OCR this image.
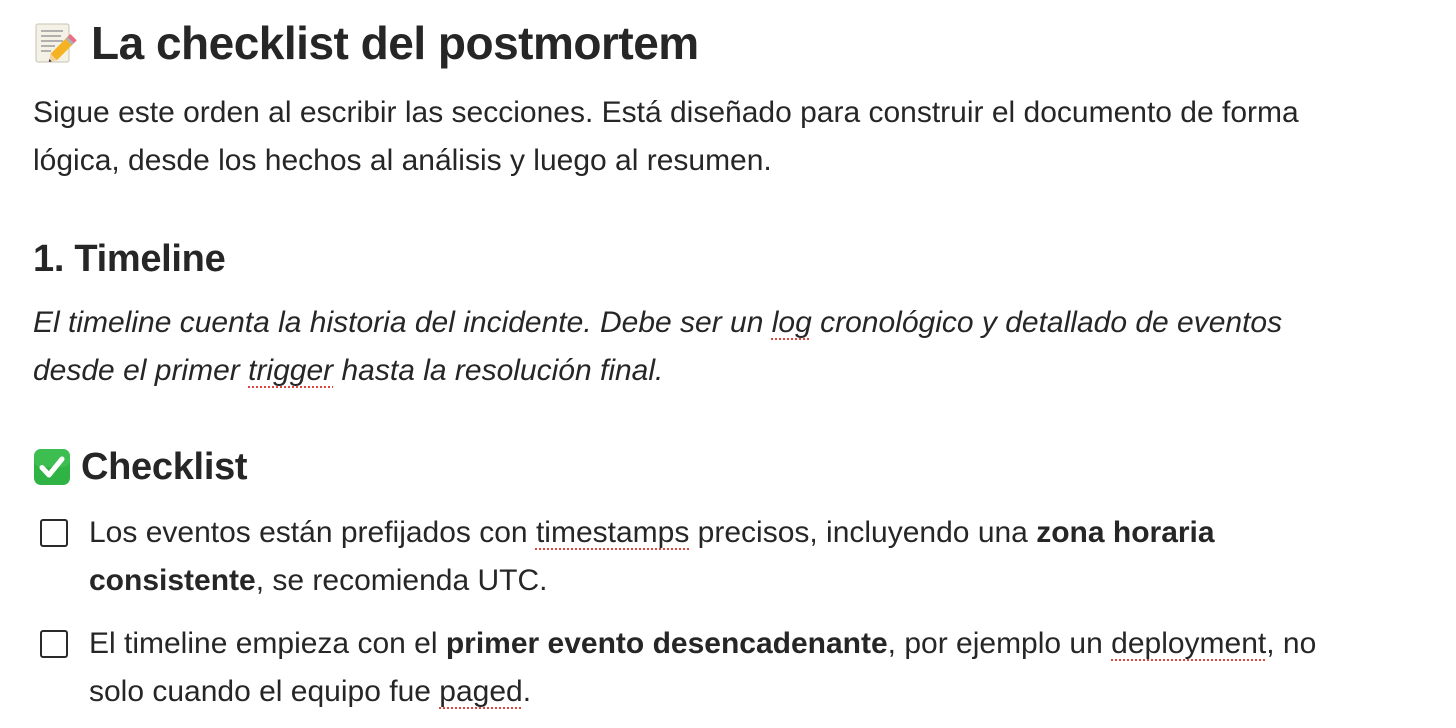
La checklist del postmortem
Sigue este orden al escribir las secciones. Está diseñado para construir el documento de forma
lógica, desde los hechos al análisis y luego al resumen.
1. Timeline
El timeline cuenta la historia del incidente. Debe ser un log cronológico y detallado de eventos
desde el primer trigger hasta la resolución final.
Checklist
Los eventos están prefijados con timestamps precisos, incluyendo una zona horaria
consistente, se recomienda UTC.
El timeline empieza con el primer evento desencadenante, por ejemplo un deployment, no
solo cuando el equipo fue paged.
